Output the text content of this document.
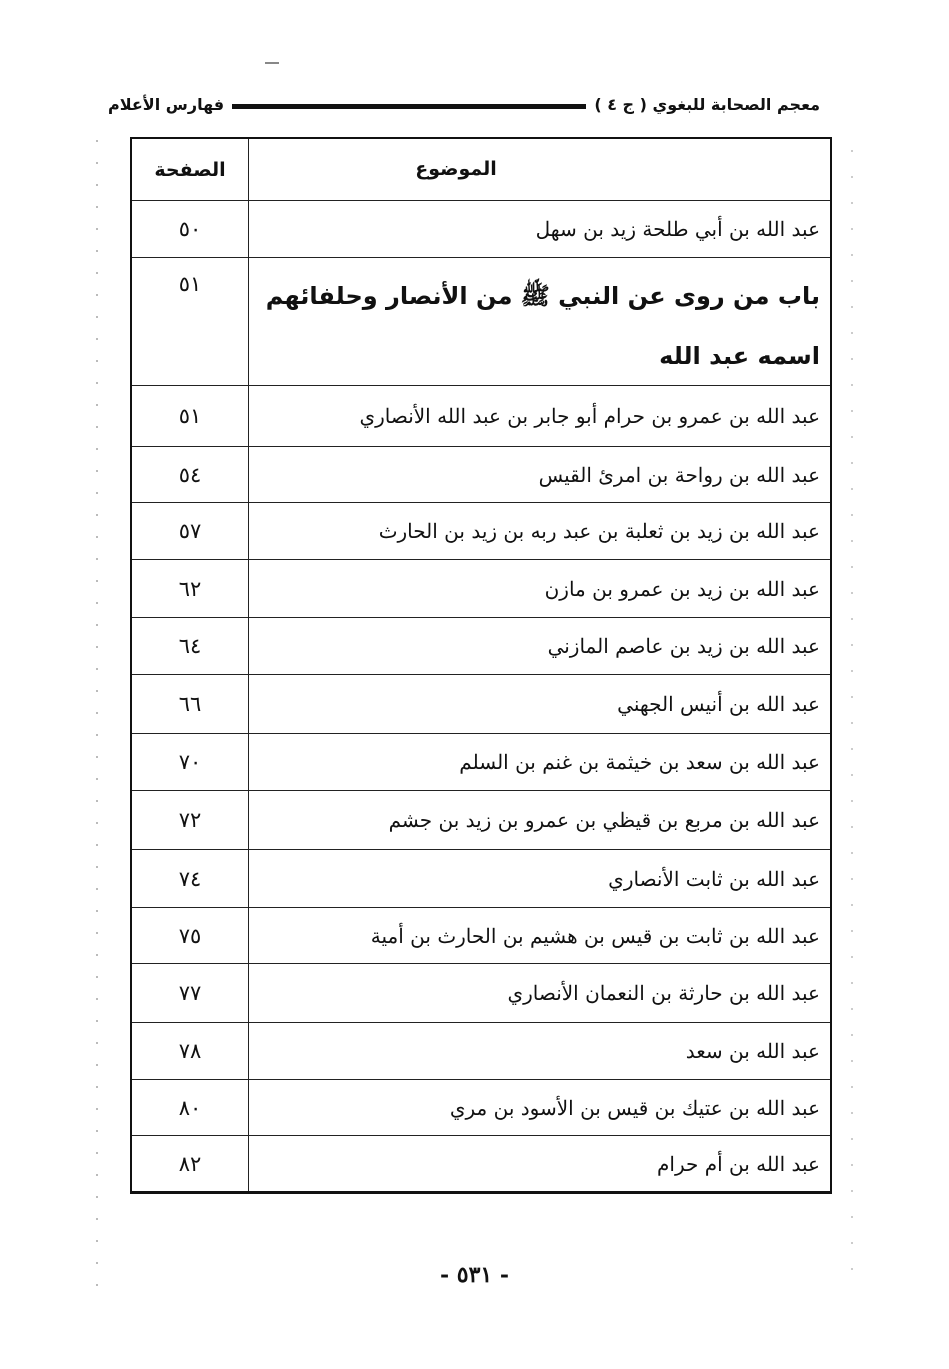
معجم الصحابة للبغوي ( ج ٤ )
فهارس الأعلام
الموضوع
الصفحة
عبد الله بن أبي طلحة زيد بن سهل
٥٠
باب من روى عن النبي ﷺ من الأنصار وحلفائهم اسمه عبد الله
٥١
عبد الله بن عمرو بن حرام أبو جابر بن عبد الله الأنصاري
٥١
عبد الله بن رواحة بن امرئ القيس
٥٤
عبد الله بن زيد بن ثعلبة بن عبد ربه بن زيد بن الحارث
٥٧
عبد الله بن زيد بن عمرو بن مازن
٦٢
عبد الله بن زيد بن عاصم المازني
٦٤
عبد الله بن أنيس الجهني
٦٦
عبد الله بن سعد بن خيثمة بن غنم بن السلم
٧٠
عبد الله بن مربع بن قيظي بن عمرو بن زيد بن جشم
٧٢
عبد الله بن ثابت الأنصاري
٧٤
عبد الله بن ثابت بن قيس بن هشيم بن الحارث بن أمية
٧٥
عبد الله بن حارثة بن النعمان الأنصاري
٧٧
عبد الله بن سعد
٧٨
عبد الله بن عتيك بن قيس بن الأسود بن مري
٨٠
عبد الله بن أم حرام
٨٢
- ٥٣١ -
